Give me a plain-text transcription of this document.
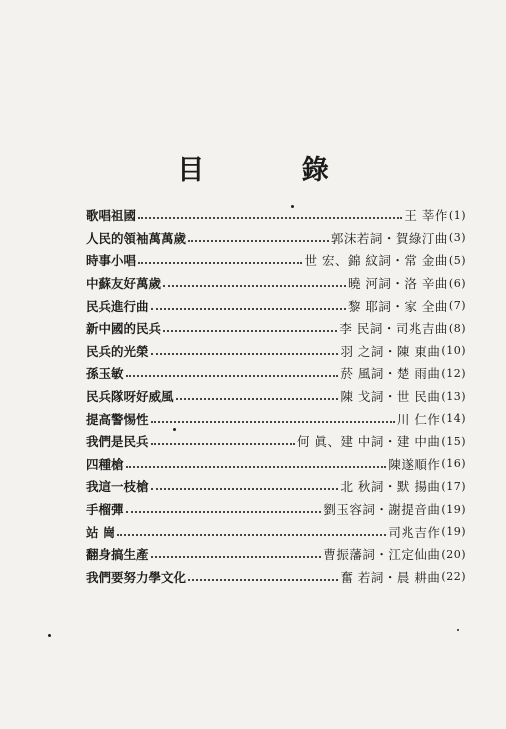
目 錄
歌唱祖國	王 莘作 (1)
人民的領袖萬萬歲	郭沫若詞・賀綠汀曲 (3)
時事小唱	世 宏、錦 紋詞・常 金曲 (5)
中蘇友好萬歲	曉 河詞・洛 辛曲 (6)
民兵進行曲	黎 耶詞・家 全曲 (7)
新中國的民兵	李 民詞・司兆吉曲 (8)
民兵的光榮	羽 之詞・陳 東曲 (10)
孫玉敏	菸 風詞・楚 雨曲 (12)
民兵隊呀好威風	陳 戈詞・世 民曲 (13)
提高警惕性	川 仁作 (14)
我們是民兵	何 眞、建 中詞・建 中曲 (15)
四種槍	陳遂順作 (16)
我這一枝槍	北 秋詞・默 揚曲 (17)
手榴彈	劉玉容詞・謝提音曲 (19)
站 崗	司兆吉作 (19)
翻身搞生產	曹振藩詞・江定仙曲 (20)
我們要努力學文化	奮 若詞・晨 耕曲 (22)
